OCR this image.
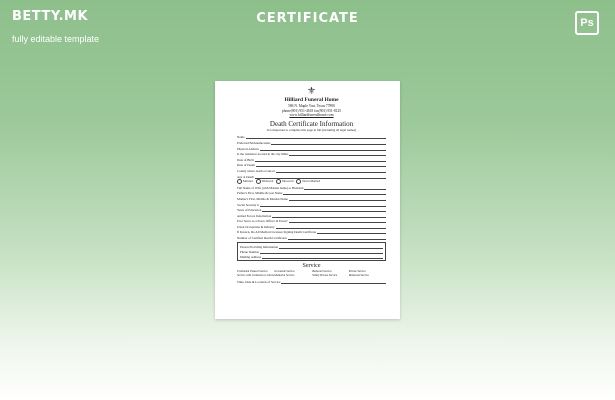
BETTY.MK
fully editable template
CERTIFICATE	Ps
⚜
Hilliard Funeral Home
586 N. Maple Vast, Texas 77890
phone(901) 951-4618 fax(901) 951-8125
www.hilliardfuneralhome.com
Death Certificate Information
It is important to complete this page in full (including all legal names)
Name
Preferred/Nickname/Alias
Physical Address
Is the residence located in the city limits
Date of Birth
Date of Death
County where death occurred
Age at Death
Married	Widowed	Divorced	Never Married
Full Name of Wife (with Maiden name) or Husband
Father's First, Middle & Last Name
Mother's First, Middle & Maiden Name
Social Security #
Years of Education
Armed Forces Information
Ever Serve as a Peace Officer in Texas?
Usual Occupation & Industry
If Known, Do All Medical Licenses Signing Death Certificate
Number of Certified Death Certificates
Person Providing Information
Phone Number
Mailing Address
Service
Traditional Funeral Service	Graveside Service	Memorial Service	Private Service
Service with Cremation to follow Memorial Service	Family Private Service	Memorial Service
Time, Date & Location of Service
